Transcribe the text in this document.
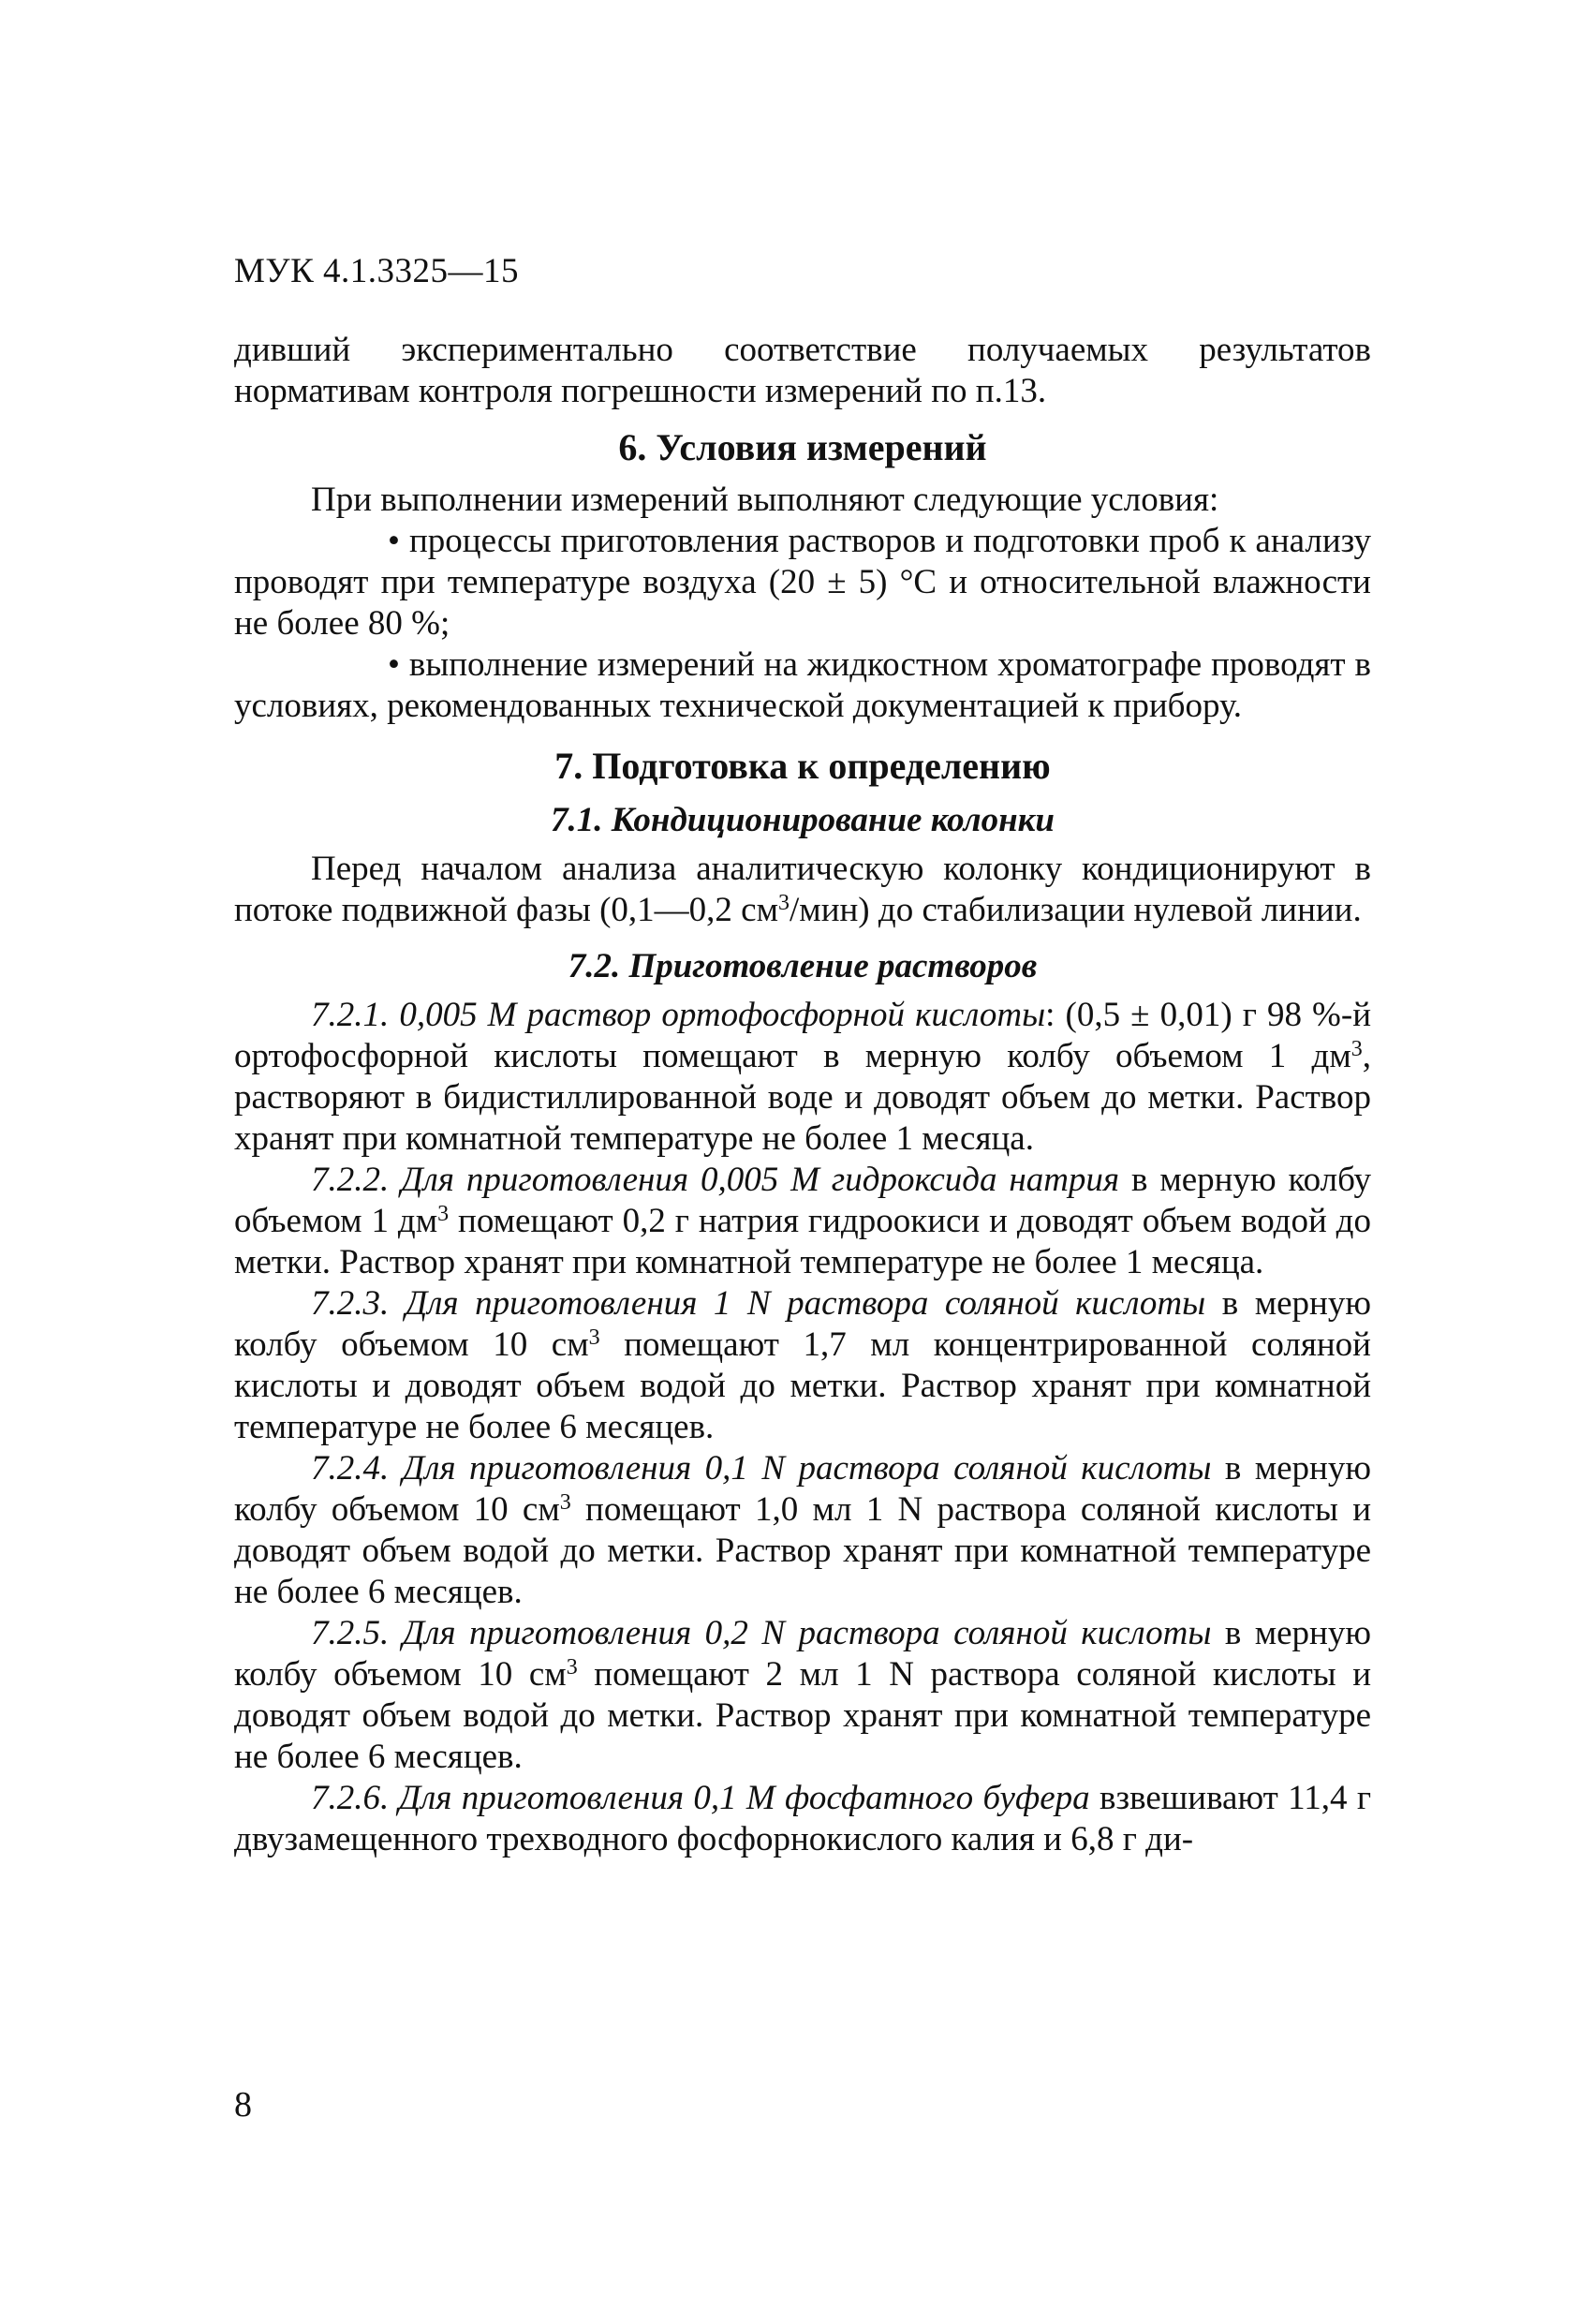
МУК 4.1.3325—15

дивший экспериментально соответствие получаемых результатов нормативам контроля погрешности измерений по п.13.

6. Условия измерений

При выполнении измерений выполняют следующие условия:

• процессы приготовления растворов и подготовки проб к анализу проводят при температуре воздуха (20 ± 5) °С и относительной влажности не более 80 %;

• выполнение измерений на жидкостном хроматографе проводят в условиях, рекомендованных технической документацией к прибору.

7. Подготовка к определению
7.1. Кондиционирование колонки

Перед началом анализа аналитическую колонку кондиционируют в потоке подвижной фазы (0,1—0,2 $см^3/мин$) до стабилизации нулевой линии.

7.2. Приготовление растворов

7.2.1. 0,005 М раствор ортофосфорной кислоты: (0,5 ± 0,01) г 98 %-й ортофосфорной кислоты помещают в мерную колбу объемом 1 $дм^3$, растворяют в бидистиллированной воде и доводят объем до метки. Раствор хранят при комнатной температуре не более 1 месяца.

7.2.2. Для приготовления 0,005 М гидроксида натрия в мерную колбу объемом 1 $дм^3$ помещают 0,2 г натрия гидроокиси и доводят объем водой до метки. Раствор хранят при комнатной температуре не более 1 месяца.

7.2.3. Для приготовления 1 N раствора соляной кислоты в мерную колбу объемом 10 $см^3$ помещают 1,7 мл концентрированной соляной кислоты и доводят объем водой до метки. Раствор хранят при комнатной температуре не более 6 месяцев.

7.2.4. Для приготовления 0,1 N раствора соляной кислоты в мерную колбу объемом 10 $см^3$ помещают 1,0 мл 1 N раствора соляной кислоты и доводят объем водой до метки. Раствор хранят при комнатной температуре не более 6 месяцев.

7.2.5. Для приготовления 0,2 N раствора соляной кислоты в мерную колбу объемом 10 $см^3$ помещают 2 мл 1 N раствора соляной кислоты и доводят объем водой до метки. Раствор хранят при комнатной температуре не более 6 месяцев.

7.2.6. Для приготовления 0,1 М фосфатного буфера взвешивают 11,4 г двузамещенного трехводного фосфорнокислого калия и 6,8 г ди-

8
